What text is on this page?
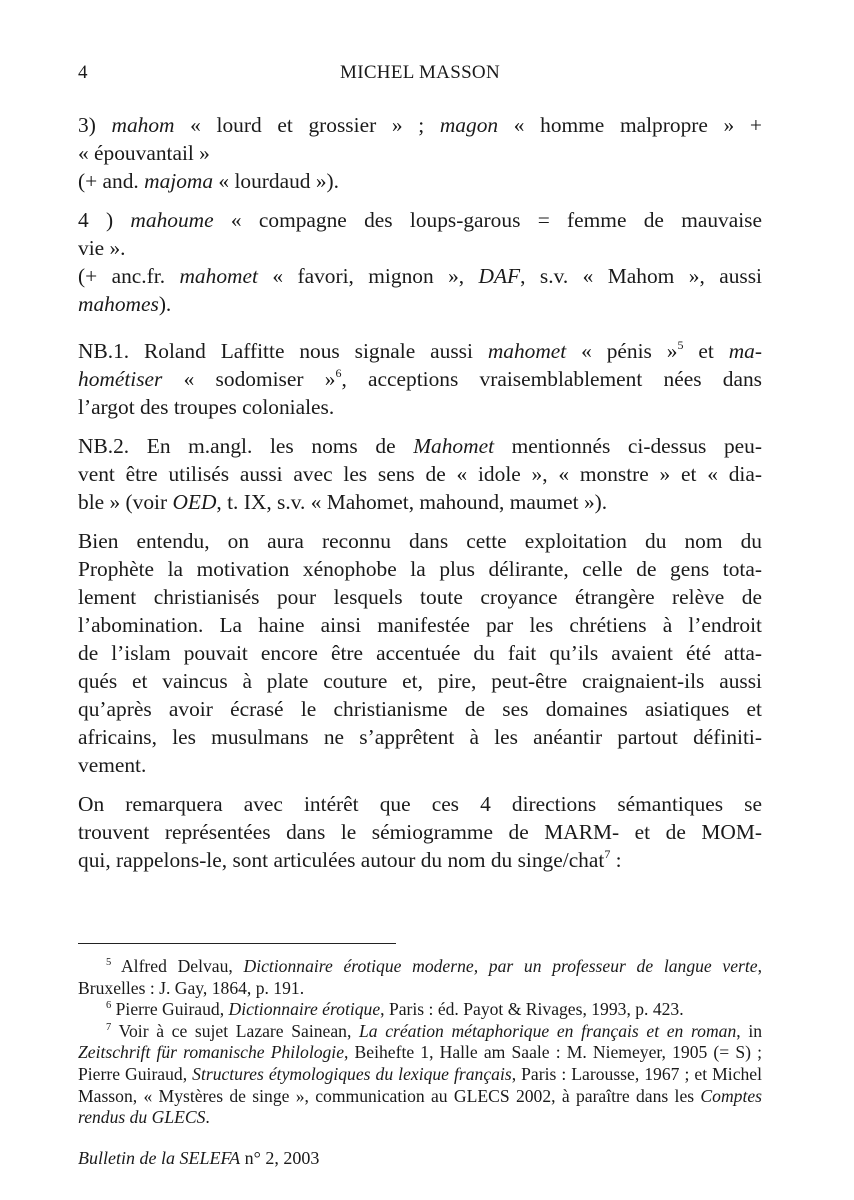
4	MICHEL MASSON

3) mahom « lourd et grossier » ; magon « homme malpropre » +
« épouvantail »
(+ and. majoma « lourdaud »).

4 ) mahoume « compagne des loups-garous = femme de mauvaise
vie ».
(+ anc.fr. mahomet « favori, mignon », DAF, s.v. « Mahom », aussi
mahomes).

NB.1. Roland Laffitte nous signale aussi mahomet « pénis »$^5$ et ma-
hométiser « sodomiser »$^6$, acceptions vraisemblablement nées dans
l’argot des troupes coloniales.

NB.2. En m.angl. les noms de Mahomet mentionnés ci-dessus peu-
vent être utilisés aussi avec les sens de « idole », « monstre » et « dia-
ble » (voir OED, t. IX, s.v. « Mahomet, mahound, maumet »).

Bien entendu, on aura reconnu dans cette exploitation du nom du
Prophète la motivation xénophobe la plus délirante, celle de gens tota-
lement christianisés pour lesquels toute croyance étrangère relève de
l’abomination. La haine ainsi manifestée par les chrétiens à l’endroit
de l’islam pouvait encore être accentuée du fait qu’ils avaient été atta-
qués et vaincus à plate couture et, pire, peut-être craignaient-ils aussi
qu’après avoir écrasé le christianisme de ses domaines asiatiques et
africains, les musulmans ne s’apprêtent à les anéantir partout définiti-
vement.

On remarquera avec intérêt que ces 4 directions sémantiques se
trouvent représentées dans le sémiogramme de MARM- et de MOM-
qui, rappelons-le, sont articulées autour du nom du singe/chat$^7$ :

$^5$ Alfred Delvau, Dictionnaire érotique moderne, par un professeur de langue verte, Bruxelles : J. Gay, 1864, p. 191.

$^6$ Pierre Guiraud, Dictionnaire érotique, Paris : éd. Payot & Rivages, 1993, p. 423.

$^7$ Voir à ce sujet Lazare Sainean, La création métaphorique en français et en roman, in Zeitschrift für romanische Philologie, Beihefte 1, Halle am Saale : M. Niemeyer, 1905 (= S) ; Pierre Guiraud, Structures étymologiques du lexique français, Paris : Larousse, 1967 ; et Michel Masson, « Mystères de singe », communication au GLECS 2002, à paraître dans les Comptes rendus du GLECS.

Bulletin de la SELEFA n° 2, 2003
